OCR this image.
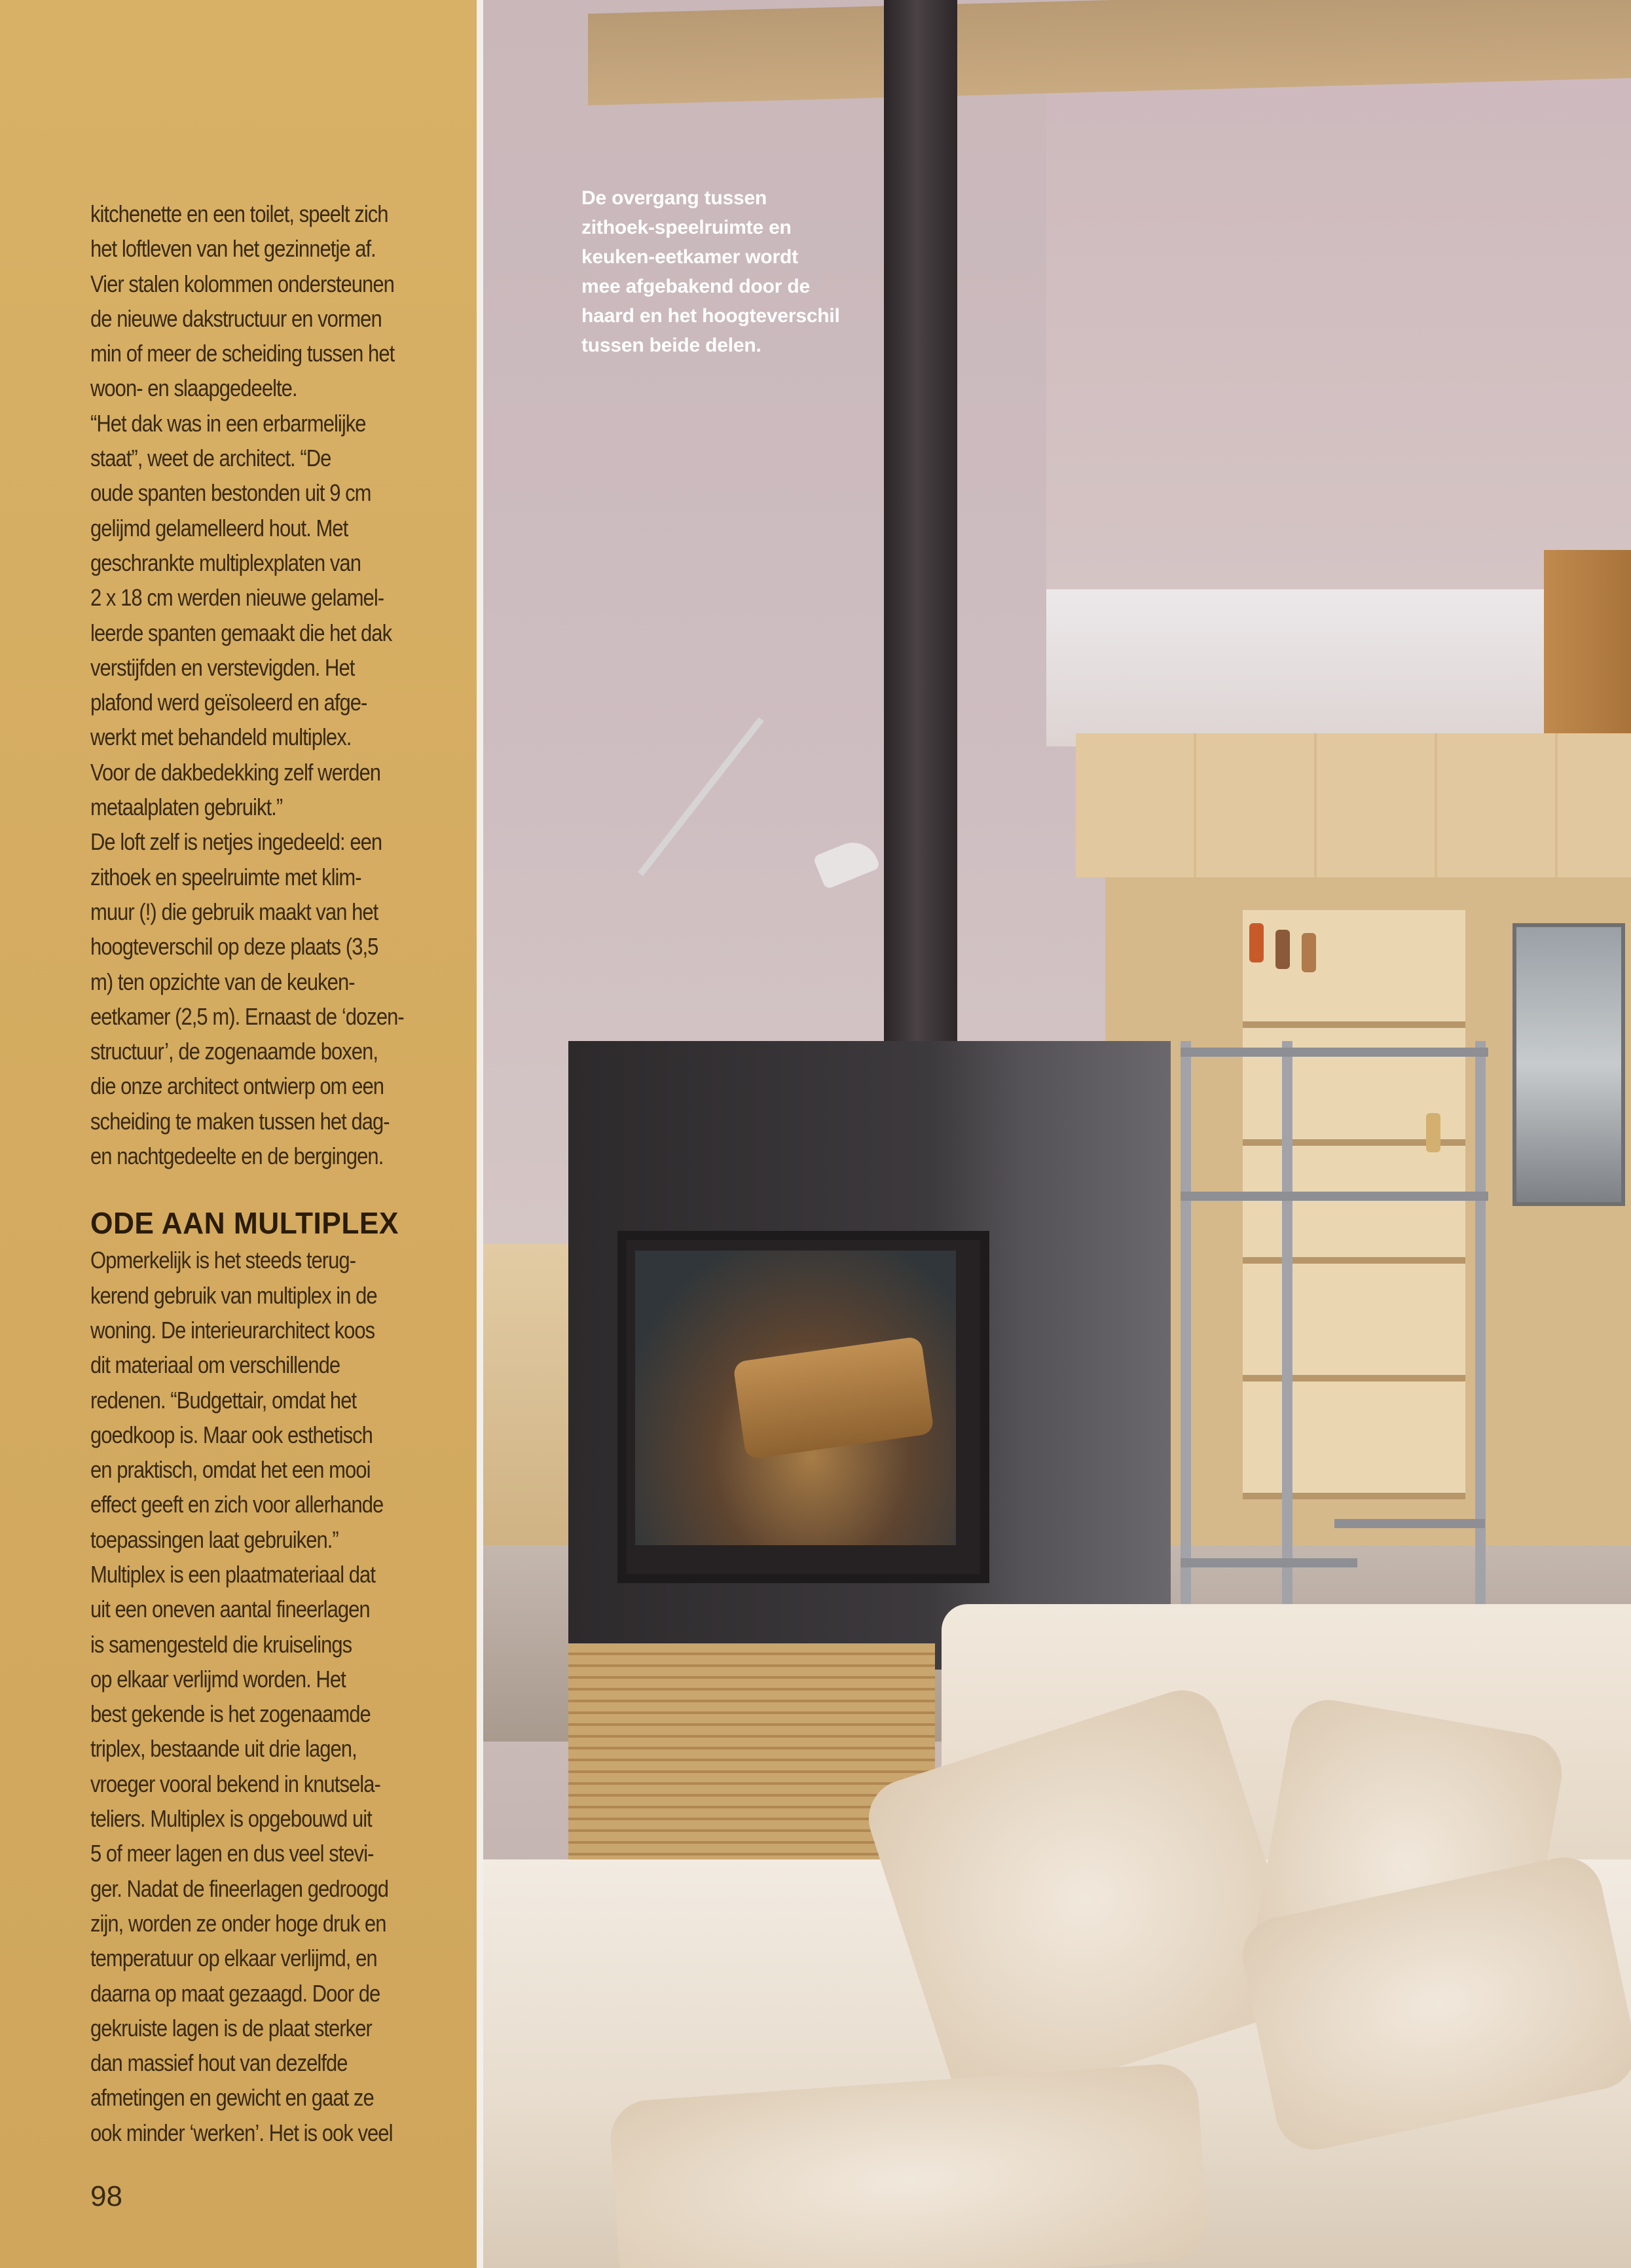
kitchenette en een toilet, speelt zich
het loftleven van het gezinnetje af.
Vier stalen kolommen ondersteunen
de nieuwe dakstructuur en vormen
min of meer de scheiding tussen het
woon- en slaapgedeelte.
“Het dak was in een erbarmelijke
staat”, weet de architect. “De
oude spanten bestonden uit 9 cm
gelijmd gelamelleerd hout. Met
geschrankte multiplexplaten van
2 x 18 cm werden nieuwe gelamel-
leerde spanten gemaakt die het dak
verstijfden en verstevigden. Het
plafond werd geïsoleerd en afge-
werkt met behandeld multiplex.
Voor de dakbedekking zelf werden
metaalplaten gebruikt.”
De loft zelf is netjes ingedeeld: een
zithoek en speelruimte met klim-
muur (!) die gebruik maakt van het
hoogteverschil op deze plaats (3,5
m) ten opzichte van de keuken-
eetkamer (2,5 m). Ernaast de ‘dozen-
structuur’, de zogenaamde boxen,
die onze architect ontwierp om een
scheiding te maken tussen het dag-
en nachtgedeelte en de bergingen.

ODE AAN MULTIPLEX

Opmerkelijk is het steeds terug-
kerend gebruik van multiplex in de
woning. De interieurarchitect koos
dit materiaal om verschillende
redenen. “Budgettair, omdat het
goedkoop is. Maar ook esthetisch
en praktisch, omdat het een mooi
effect geeft en zich voor allerhande
toepassingen laat gebruiken.”
Multiplex is een plaatmateriaal dat
uit een oneven aantal fineerlagen
is samengesteld die kruiselings
op elkaar verlijmd worden. Het
best gekende is het zogenaamde
triplex, bestaande uit drie lagen,
vroeger vooral bekend in knutsela-
teliers. Multiplex is opgebouwd uit
5 of meer lagen en dus veel stevi-
ger. Nadat de fineerlagen gedroogd
zijn, worden ze onder hoge druk en
temperatuur op elkaar verlijmd, en
daarna op maat gezaagd. Door de
gekruiste lagen is de plaat sterker
dan massief hout van dezelfde
afmetingen en gewicht en gaat ze
ook minder ‘werken’. Het is ook veel

98
De overgang tussen
zithoek-speelruimte en
keuken-eetkamer wordt
mee afgebakend door de
haard en het hoogteverschil
tussen beide delen.
